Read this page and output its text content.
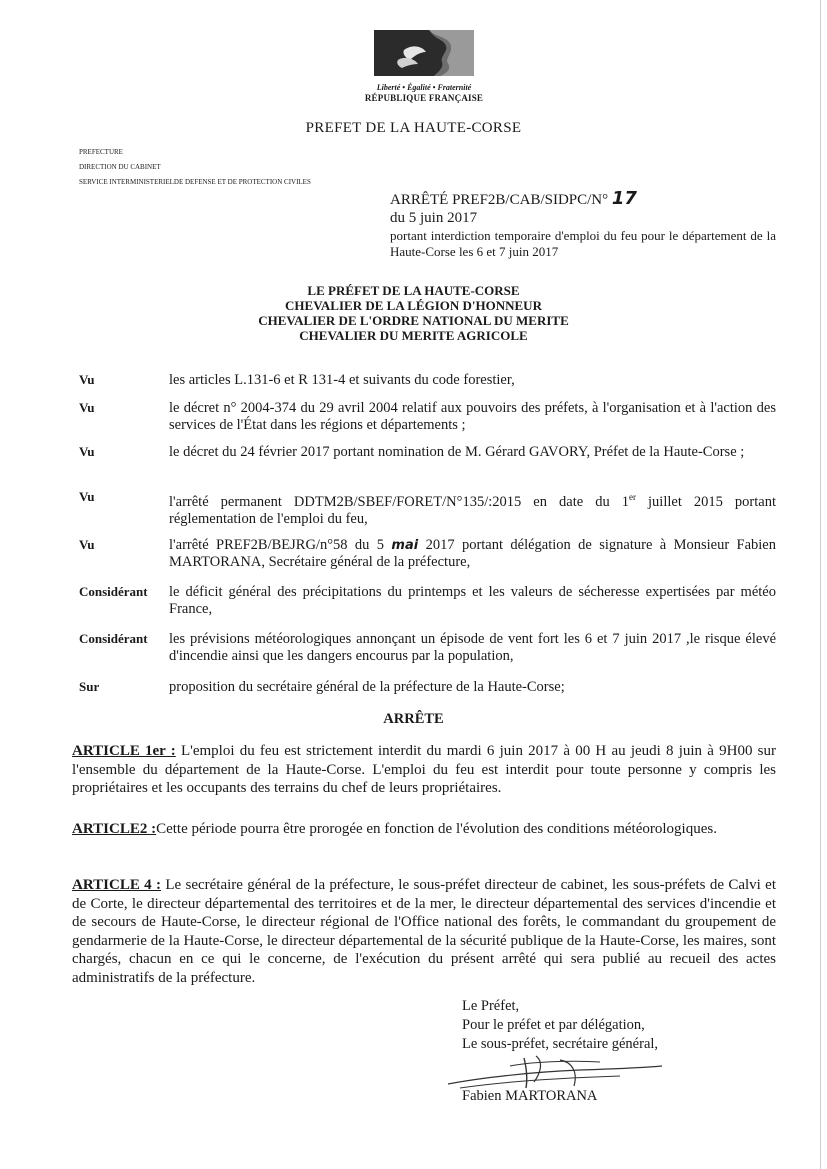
Liberté • Égalité • Fraternité
RÉPUBLIQUE FRANÇAISE
PREFET DE LA HAUTE-CORSE
PREFECTURE
DIRECTION DU CABINET
SERVICE INTERMINISTERIELDE DEFENSE ET DE PROTECTION CIVILES
ARRÊTÉ PREF2B/CAB/SIDPC/N° 17
du 5 juin 2017
portant interdiction temporaire d'emploi du feu pour le département de la Haute-Corse les 6 et 7 juin 2017
LE PRÉFET DE LA HAUTE-CORSE
CHEVALIER DE LA LÉGION D'HONNEUR
CHEVALIER DE L'ORDRE NATIONAL DU MERITE
CHEVALIER DU MERITE AGRICOLE
Vu	les articles L.131-6 et R 131-4 et suivants du code forestier,
Vu	le décret n° 2004-374 du 29 avril 2004 relatif aux pouvoirs des préfets, à l'organisation et à l'action des services de l'État dans les régions et départements ;
Vu	le décret du 24 février 2017 portant nomination de M. Gérard GAVORY, Préfet de la Haute-Corse ;
Vu	l'arrêté permanent DDTM2B/SBEF/FORET/N°135/:2015 en date du 1er juillet 2015 portant réglementation de l'emploi du feu,
Vu	l'arrêté PREF2B/BEJRG/n°58 du 5 mai 2017 portant délégation de signature à Monsieur Fabien MARTORANA, Secrétaire général de la préfecture,
Considérant le déficit général des précipitations du printemps et les valeurs de sécheresse expertisées par météo France,
Considérant les prévisions météorologiques annonçant un épisode de vent fort les 6 et 7 juin 2017 ,le risque élevé d'incendie ainsi que les dangers encourus par la population,
Sur	proposition du secrétaire général de la préfecture de la Haute-Corse;
ARRÊTE
ARTICLE 1er : L'emploi du feu est strictement interdit du mardi 6 juin 2017 à 00 H au jeudi 8 juin à 9H00 sur l'ensemble du département de la Haute-Corse. L'emploi du feu est interdit pour toute personne y compris les propriétaires et les occupants des terrains du chef de leurs propriétaires.
ARTICLE2 :Cette période pourra être prorogée en fonction de l'évolution des conditions météorologiques.
ARTICLE 4 : Le secrétaire général de la préfecture, le sous-préfet directeur de cabinet, les sous-préfets de Calvi et de Corte, le directeur départemental des territoires et de la mer, le directeur départemental des services d'incendie et de secours de Haute-Corse, le directeur régional de l'Office national des forêts, le commandant du groupement de gendarmerie de la Haute-Corse, le directeur départemental de la sécurité publique de la Haute-Corse, les maires, sont chargés, chacun en ce qui le concerne, de l'exécution du présent arrêté qui sera publié au recueil des actes administratifs de la préfecture.
Le Préfet,
Pour le préfet et par délégation,
Le sous-préfet, secrétaire général,
Fabien MARTORANA
